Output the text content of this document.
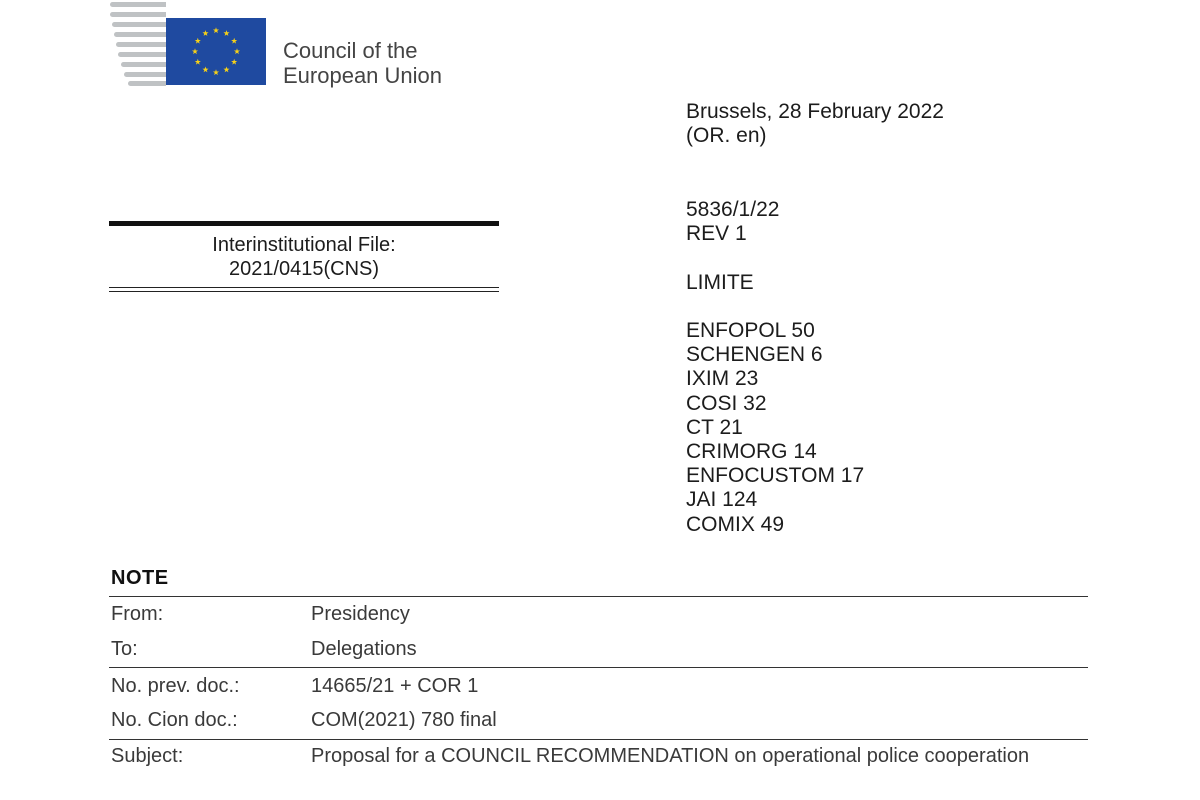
Council of the
European Union
Brussels, 28 February 2022
(OR. en)
5836/1/22
REV 1
LIMITE
ENFOPOL 50
SCHENGEN 6
IXIM 23
COSI 32
CT 21
CRIMORG 14
ENFOCUSTOM 17
JAI 124
COMIX 49
Interinstitutional File:
2021/0415(CNS)
NOTE
From:	Presidency
To:	Delegations
No. prev. doc.:	14665/21 + COR 1
No. Cion doc.:	COM(2021) 780 final
Subject:	Proposal for a COUNCIL RECOMMENDATION on operational police cooperation
